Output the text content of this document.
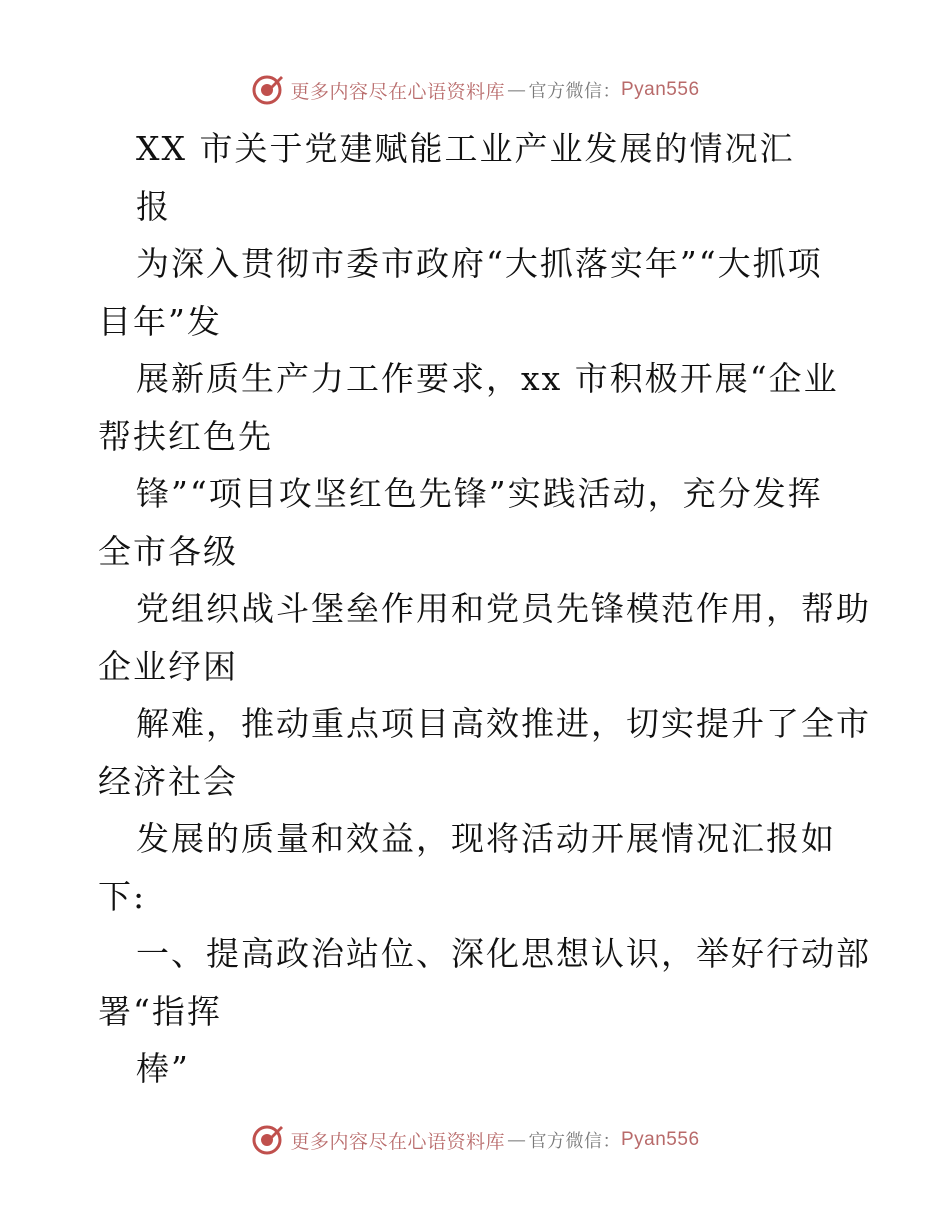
更多内容尽在心语资料库 — 官方微信： Pyan556
XX 市关于党建赋能工业产业发展的情况汇
报
为深入贯彻市委市政府“大抓落实年”“大抓项
目年”发
展新质生产力工作要求，xx 市积极开展“企业
帮扶红色先
锋”“项目攻坚红色先锋”实践活动，充分发挥
全市各级
党组织战斗堡垒作用和党员先锋模范作用，帮助
企业纾困
解难，推动重点项目高效推进，切实提升了全市
经济社会
发展的质量和效益，现将活动开展情况汇报如
下:
一、提高政治站位、深化思想认识，举好行动部
署“指挥
棒”
更多内容尽在心语资料库 — 官方微信： Pyan556
